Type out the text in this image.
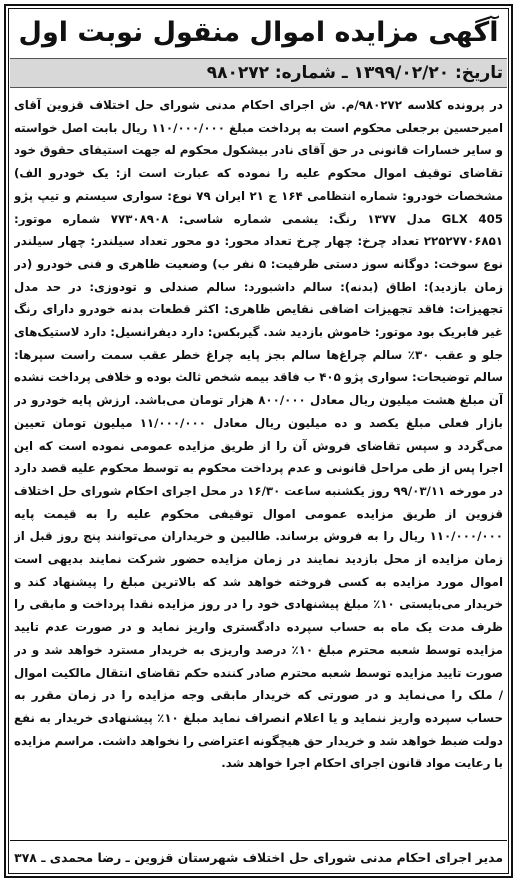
آگهی مزایده اموال منقول نوبت اول
تاریخ: ۱۳۹۹/۰۲/۲۰ ـ شماره: ۹۸۰۲۷۲
در پرونده کلاسه ۹۸۰۲۷۲/م. ش اجرای احکام مدنی شورای حل اختلاف قزوین آقای امیرحسین برجعلی محکوم است به پرداخت مبلغ ۱۱۰/۰۰۰/۰۰۰ ریال بابت اصل خواسته و سایر خسارات قانونی در حق آقای نادر بیشکول محکوم له جهت استیفای حقوق خود تقاضای توقیف اموال محکوم علیه را نموده که عبارت است از: یک خودرو الف) مشخصات خودرو: شماره انتظامی ۱۶۴ ج ۲۱ ایران ۷۹ نوع: سواری سیستم و تیپ پژو GLX 405 مدل ۱۳۷۷ رنگ: یشمی شماره شاسی: ۷۷۳۰۸۹۰۸ شماره موتور: ۲۲۵۲۷۷۰۶۸۵۱ تعداد چرخ: چهار چرخ تعداد محور: دو محور تعداد سیلندر: چهار سیلندر نوع سوخت: دوگانه سوز دستی ظرفیت: ۵ نفر ب) وضعیت ظاهری و فنی خودرو (در زمان بازدید): اطاق (بدنه): سالم داشبورد: سالم صندلی و تودوزی: در حد مدل تجهیزات: فاقد تجهیزات اضافی نقایص ظاهری: اکثر قطعات بدنه خودرو دارای رنگ غیر فابریک بود موتور: خاموش بازدید شد. گیربکس: دارد دیفرانسیل: دارد لاستیک‌های جلو و عقب ۳۰٪ سالم چراغ‌ها سالم بجز پایه چراغ خطر عقب سمت راست سپرها: سالم توضیحات: سواری پژو ۴۰۵ ب فاقد بیمه شخص ثالث بوده و خلافی پرداخت نشده آن مبلغ هشت میلیون ریال معادل ۸۰۰/۰۰۰ هزار تومان می‌باشد. ارزش پایه خودرو در بازار فعلی مبلغ یکصد و ده میلیون ریال معادل ۱۱/۰۰۰/۰۰۰ میلیون تومان تعیین می‌گردد و سپس تقاضای فروش آن را از طریق مزایده عمومی نموده است که این اجرا پس از طی مراحل قانونی و عدم پرداخت محکوم به توسط محکوم علیه قصد دارد در مورخه ۹۹/۰۳/۱۱ روز یکشنبه ساعت ۱۶/۳۰ در محل اجرای احکام شورای حل اختلاف قزوین از طریق مزایده عمومی اموال توقیفی محکوم علیه را به قیمت پایه ۱۱۰/۰۰۰/۰۰۰ ریال را به فروش برساند. طالبین و خریداران می‌توانند پنج روز قبل از زمان مزایده از محل بازدید نمایند در زمان مزایده حضور شرکت نمایند بدیهی است اموال مورد مزایده به کسی فروخته خواهد شد که بالاترین مبلغ را پیشنهاد کند و خریدار می‌بایستی ۱۰٪ مبلغ پیشنهادی خود را در روز مزایده نقدا پرداخت و مابقی را ظرف مدت یک ماه به حساب سپرده دادگستری واریز نماید و در صورت عدم تایید مزایده توسط شعبه محترم مبلغ ۱۰٪ درصد واریزی به خریدار مسترد خواهد شد و در صورت تایید مزایده توسط شعبه محترم صادر کننده حکم تقاضای انتقال مالکیت اموال / ملک را می‌نماید و در صورتی که خریدار مابقی وجه مزایده را در زمان مقرر به حساب سپرده واریز ننماید و یا اعلام انصراف نماید مبلغ ۱۰٪ پیشنهادی خریدار به نفع دولت ضبط خواهد شد و خریدار حق هیچگونه اعتراضی را نخواهد داشت. مراسم مزایده با رعایت مواد قانون اجرای احکام اجرا خواهد شد.
مدیر اجرای احکام مدنی شورای حل اختلاف شهرستان قزوین ـ رضا محمدی ـ ۳۷۸
